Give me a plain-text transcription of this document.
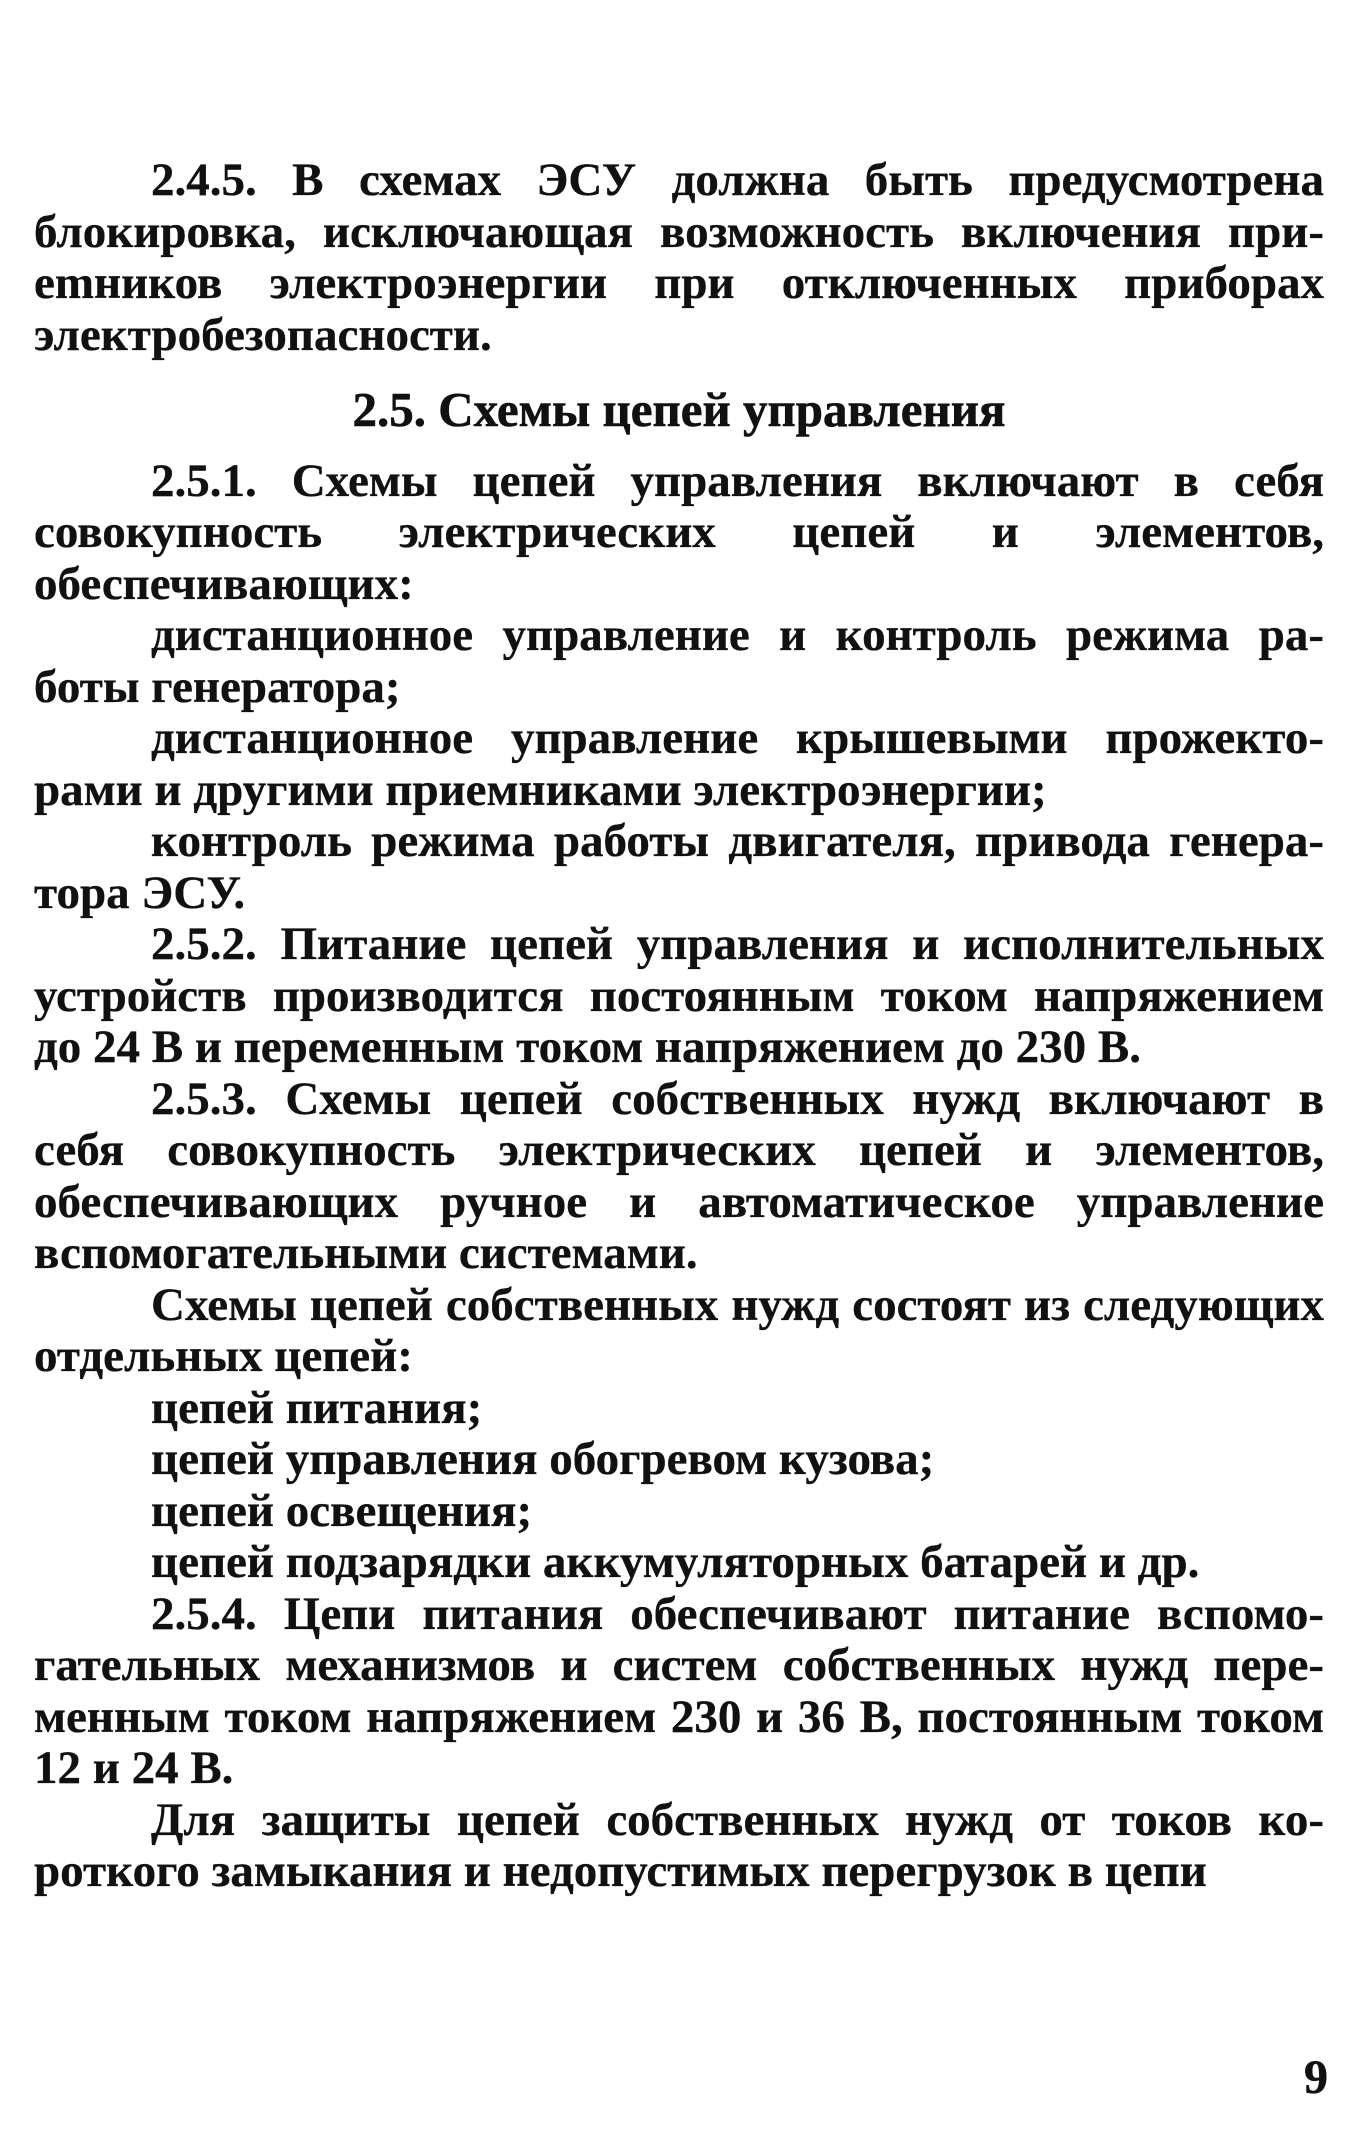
2.4.5. В схемах ЭСУ должна быть предусмотрена блокировка, исключающая возможность включения приemников электроэнергии при отключенных приборах электробезопасности.

2.5. Схемы цепей управления

2.5.1. Схемы цепей управления включают в себя совокупность электрических цепей и элементов, обеспечивающих:

дистанционное управление и контроль режима работы генератора;

дистанционное управление крышевыми прожекторами и другими приемниками электроэнергии;

контроль режима работы двигателя, привода генератора ЭСУ.

2.5.2. Питание цепей управления и исполнительных устройств производится постоянным током напряжением до 24 В и переменным током напряжением до 230 В.

2.5.3. Схемы цепей собственных нужд включают в себя совокупность электрических цепей и элементов, обеспечивающих ручное и автоматическое управление вспомогательными системами.

Схемы цепей собственных нужд состоят из следующих отдельных цепей:

цепей питания;

цепей управления обогревом кузова;

цепей освещения;

цепей подзарядки аккумуляторных батарей и др.

2.5.4. Цепи питания обеспечивают питание вспомогательных механизмов и систем собственных нужд переменным током напряжением 230 и 36 В, постоянным током 12 и 24 В.

Для защиты цепей собственных нужд от токов короткого замыкания и недопустимых перегрузок в цепи

9
